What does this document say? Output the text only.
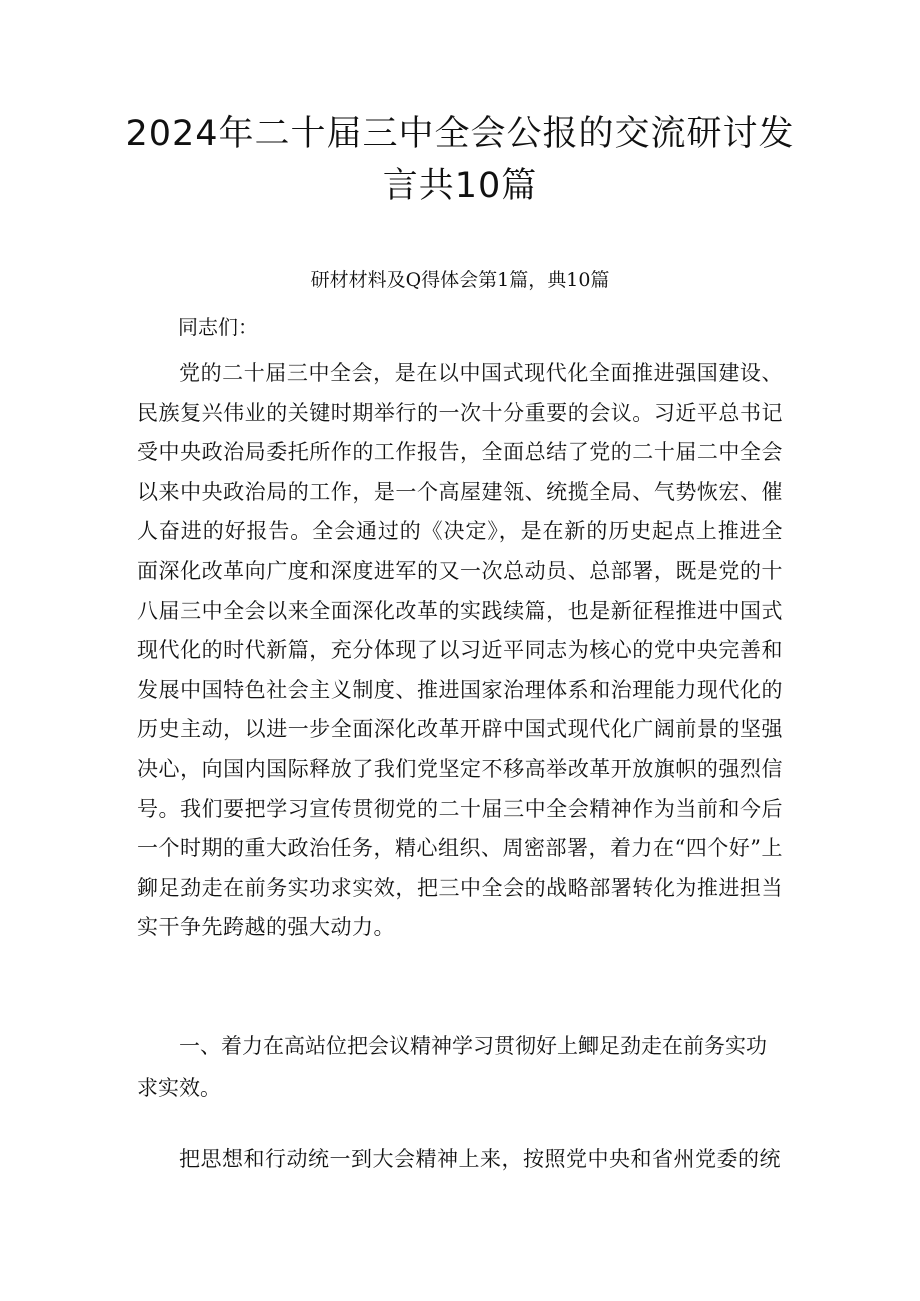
2024年二十届三中全会公报的交流研讨发言共10篇

研材材料及Q得体会第1篇，典10篇

同志们：

党的二十届三中全会，是在以中国式现代化全面推进强国建设、民族复兴伟业的关键时期举行的一次十分重要的会议。习近平总书记受中央政治局委托所作的工作报告，全面总结了党的二十届二中全会以来中央政治局的工作，是一个高屋建瓴、统揽全局、气势恢宏、催人奋进的好报告。全会通过的《决定》，是在新的历史起点上推进全面深化改革向广度和深度进军的又一次总动员、总部署，既是党的十八届三中全会以来全面深化改革的实践续篇，也是新征程推进中国式现代化的时代新篇，充分体现了以习近平同志为核心的党中央完善和发展中国特色社会主义制度、推进国家治理体系和治理能力现代化的历史主动，以进一步全面深化改革开辟中国式现代化广阔前景的坚强决心，向国内国际释放了我们党坚定不移高举改革开放旗帜的强烈信号。我们要把学习宣传贯彻党的二十届三中全会精神作为当前和今后一个时期的重大政治任务，精心组织、周密部署，着力在“四个好”上鉚足劲走在前务实功求实效，把三中全会的战略部署转化为推进担当实干争先跨越的强大动力。

一、着力在高站位把会议精神学习贯彻好上鲫足劲走在前务实功求实效。

把思想和行动统一到大会精神上来，按照党中央和省州党委的统
